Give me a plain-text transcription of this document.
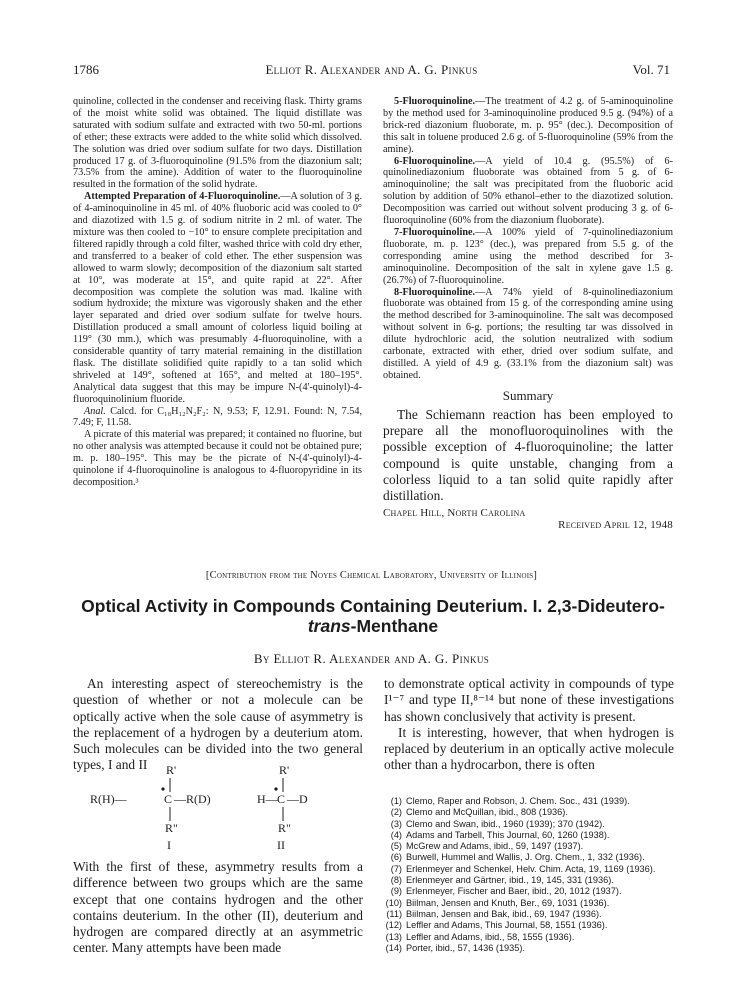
1786	Elliot R. Alexander and A. G. Pinkus	Vol. 71

quinoline, collected in the condenser and receiving flask. Thirty grams of the moist white solid was obtained. The liquid distillate was saturated with sodium sulfate and extracted with two 50-ml. portions of ether; these extracts were added to the white solid which dissolved. The solution was dried over sodium sulfate for two days. Distillation produced 17 g. of 3-fluoroquinoline (91.5% from the diazonium salt; 73.5% from the amine). Addition of water to the fluoroquinoline resulted in the formation of the solid hydrate.

Attempted Preparation of 4-Fluoroquinoline.—A solution of 3 g. of 4-aminoquinoline in 45 ml. of 40% fluoboric acid was cooled to 0° and diazotized with 1.5 g. of sodium nitrite in 2 ml. of water. The mixture was then cooled to −10° to ensure complete precipitation and filtered rapidly through a cold filter, washed thrice with cold dry ether, and transferred to a beaker of cold ether. The ether suspension was allowed to warm slowly; decomposition of the diazonium salt started at 10°, was moderate at 15°, and quite rapid at 22°. After decomposition was complete the solution was mad. lkaline with sodium hydroxide; the mixture was vigorously shaken and the ether layer separated and dried over sodium sulfate for twelve hours. Distillation produced a small amount of colorless liquid boiling at 119° (30 mm.), which was presumably 4-fluoroquinoline, with a considerable quantity of tarry material remaining in the distillation flask. The distillate solidified quite rapidly to a tan solid which shriveled at 149°, softened at 165°, and melted at 180–195°. Analytical data suggest that this may be impure N-(4'-quinolyl)-4-fluoroquinolinium fluoride.

Anal. Calcd. for C₁₈H₁₂N₂F₂: N, 9.53; F, 12.91. Found: N, 7.54, 7.49; F, 11.58.

A picrate of this material was prepared; it contained no fluorine, but no other analysis was attempted because it could not be obtained pure; m. p. 180–195°. This may be the picrate of N-(4'-quinolyl)-4-quinolone if 4-fluoroquinoline is analogous to 4-fluoropyridine in its decomposition.³

5-Fluoroquinoline.—The treatment of 4.2 g. of 5-aminoquinoline by the method used for 3-aminoquinoline produced 9.5 g. (94%) of a brick-red diazonium fluoborate, m. p. 95° (dec.). Decomposition of this salt in toluene produced 2.6 g. of 5-fluoroquinoline (59% from the amine).

6-Fluoroquinoline.—A yield of 10.4 g. (95.5%) of 6-quinolinediazonium fluoborate was obtained from 5 g. of 6-aminoquinoline; the salt was precipitated from the fluoboric acid solution by addition of 50% ethanol–ether to the diazotized solution. Decomposition was carried out without solvent producing 3 g. of 6-fluoroquinoline (60% from the diazonium fluoborate).

7-Fluoroquinoline.—A 100% yield of 7-quinolinediazonium fluoborate, m. p. 123° (dec.), was prepared from 5.5 g. of the corresponding amine using the method described for 3-aminoquinoline. Decomposition of the salt in xylene gave 1.5 g. (26.7%) of 7-fluoroquinoline.

8-Fluoroquinoline.—A 74% yield of 8-quinolinediazonium fluoborate was obtained from 15 g. of the corresponding amine using the method described for 3-aminoquinoline. The salt was decomposed without solvent in 6-g. portions; the resulting tar was dissolved in dilute hydrochloric acid, the solution neutralized with sodium carbonate, extracted with ether, dried over sodium sulfate, and distilled. A yield of 4.9 g. (33.1% from the diazonium salt) was obtained.

Summary
The Schiemann reaction has been employed to prepare all the monofluoroquinolines with the possible exception of 4-fluoroquinoline; the latter compound is quite unstable, changing from a colorless liquid to a tan solid quite rapidly after distillation.
Chapel Hill, North Carolina
Received April 12, 1948
[Contribution from the Noyes Chemical Laboratory, University of Illinois]
Optical Activity in Compounds Containing Deuterium. I. 2,3-Dideutero-trans-Menthane
By Elliot R. Alexander and A. G. Pinkus

An interesting aspect of stereochemistry is the question of whether or not a molecule can be optically active when the sole cause of asymmetry is the replacement of a hydrogen by a deuterium atom. Such molecules can be divided into the two general types, I and II	R'
R(H)—	C —R(D)
R"
I
R'
H— C —D
R"
II

With the first of these, asymmetry results from a difference between two groups which are the same except that one contains hydrogen and the other contains deuterium. In the other (II), deuterium and hydrogen are compared directly at an asymmetric center. Many attempts have been made

to demonstrate optical activity in compounds of type I¹⁻⁷ and type II,⁸⁻¹⁴ but none of these investigations has shown conclusively that activity is present.

It is interesting, however, that when hydrogen is replaced by deuterium in an optically active molecule other than a hydrocarbon, there is often

(1) Clemo, Raper and Robson, J. Chem. Soc., 431 (1939).
(2) Clemo and McQuillan, ibid., 808 (1936).
(3) Clemo and Swan, ibid., 1960 (1939); 370 (1942).
(4) Adams and Tarbell, This Journal, 60, 1260 (1938).
(5) McGrew and Adams, ibid., 59, 1497 (1937).
(6) Burwell, Hummel and Wallis, J. Org. Chem., 1, 332 (1936).
(7) Erlenmeyer and Schenkel, Helv. Chim. Acta, 19, 1169 (1936).
(8) Erlenmeyer and Gärtner, ibid., 19, 145, 331 (1936).
(9) Erlenmeyer, Fischer and Baer, ibid., 20, 1012 (1937).
(10) Biilman, Jensen and Knuth, Ber., 69, 1031 (1936).
(11) Biilman, Jensen and Bak, ibid., 69, 1947 (1936).
(12) Leffler and Adams, This Journal, 58, 1551 (1936).
(13) Leffler and Adams, ibid., 58, 1555 (1936).
(14) Porter, ibid., 57, 1436 (1935).
